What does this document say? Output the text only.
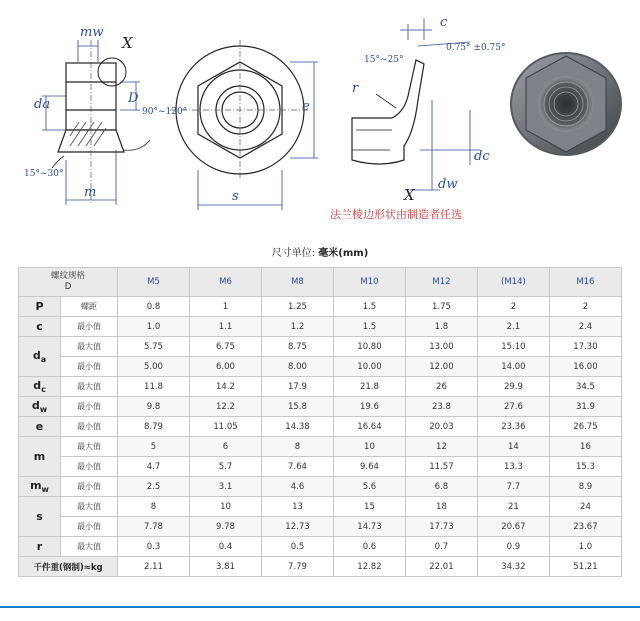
mw
X
da	D
90°~120°
15°~30°
m
e
s
c
0.75° ±0.75°
15°~25°
r
dc
dw
X
法兰棱边形状由制造者任选
尺寸单位: 毫米(mm)
螺纹规格
D		M5	M6	M8	M10	M12	(M14)	M16
P	螺距	0.8	1	1.25	1.5	1.75	2	2
c	最小值	1.0	1.1	1.2	1.5	1.8	2.1	2.4
$d_a$	最大值	5.75	6.75	8.75	10.80	13.00	15.10	17.30
	最小值	5.00	6.00	8.00	10.00	12.00	14.00	16.00
$d_c$	最大值	11.8	14.2	17.9	21.8	26	29.9	34.5
$d_w$	最小值	9.8	12.2	15.8	19.6	23.8	27.6	31.9
e	最小值	8.79	11.05	14.38	16.64	20.03	23.36	26.75
m	最大值	5	6	8	10	12	14	16
	最小值	4.7	5.7	7.64	9.64	11.57	13.3	15.3
$m_w$	最小值	2.5	3.1	4.6	5.6	6.8	7.7	8.9
s	最大值	8	10	13	15	18	21	24
	最小值	7.78	9.78	12.73	14.73	17.73	20.67	23.67
r	最大值	0.3	0.4	0.5	0.6	0.7	0.9	1.0
千件重(钢制)≈kg		2.11	3.81	7.79	12.82	22.01	34.32	51.21
